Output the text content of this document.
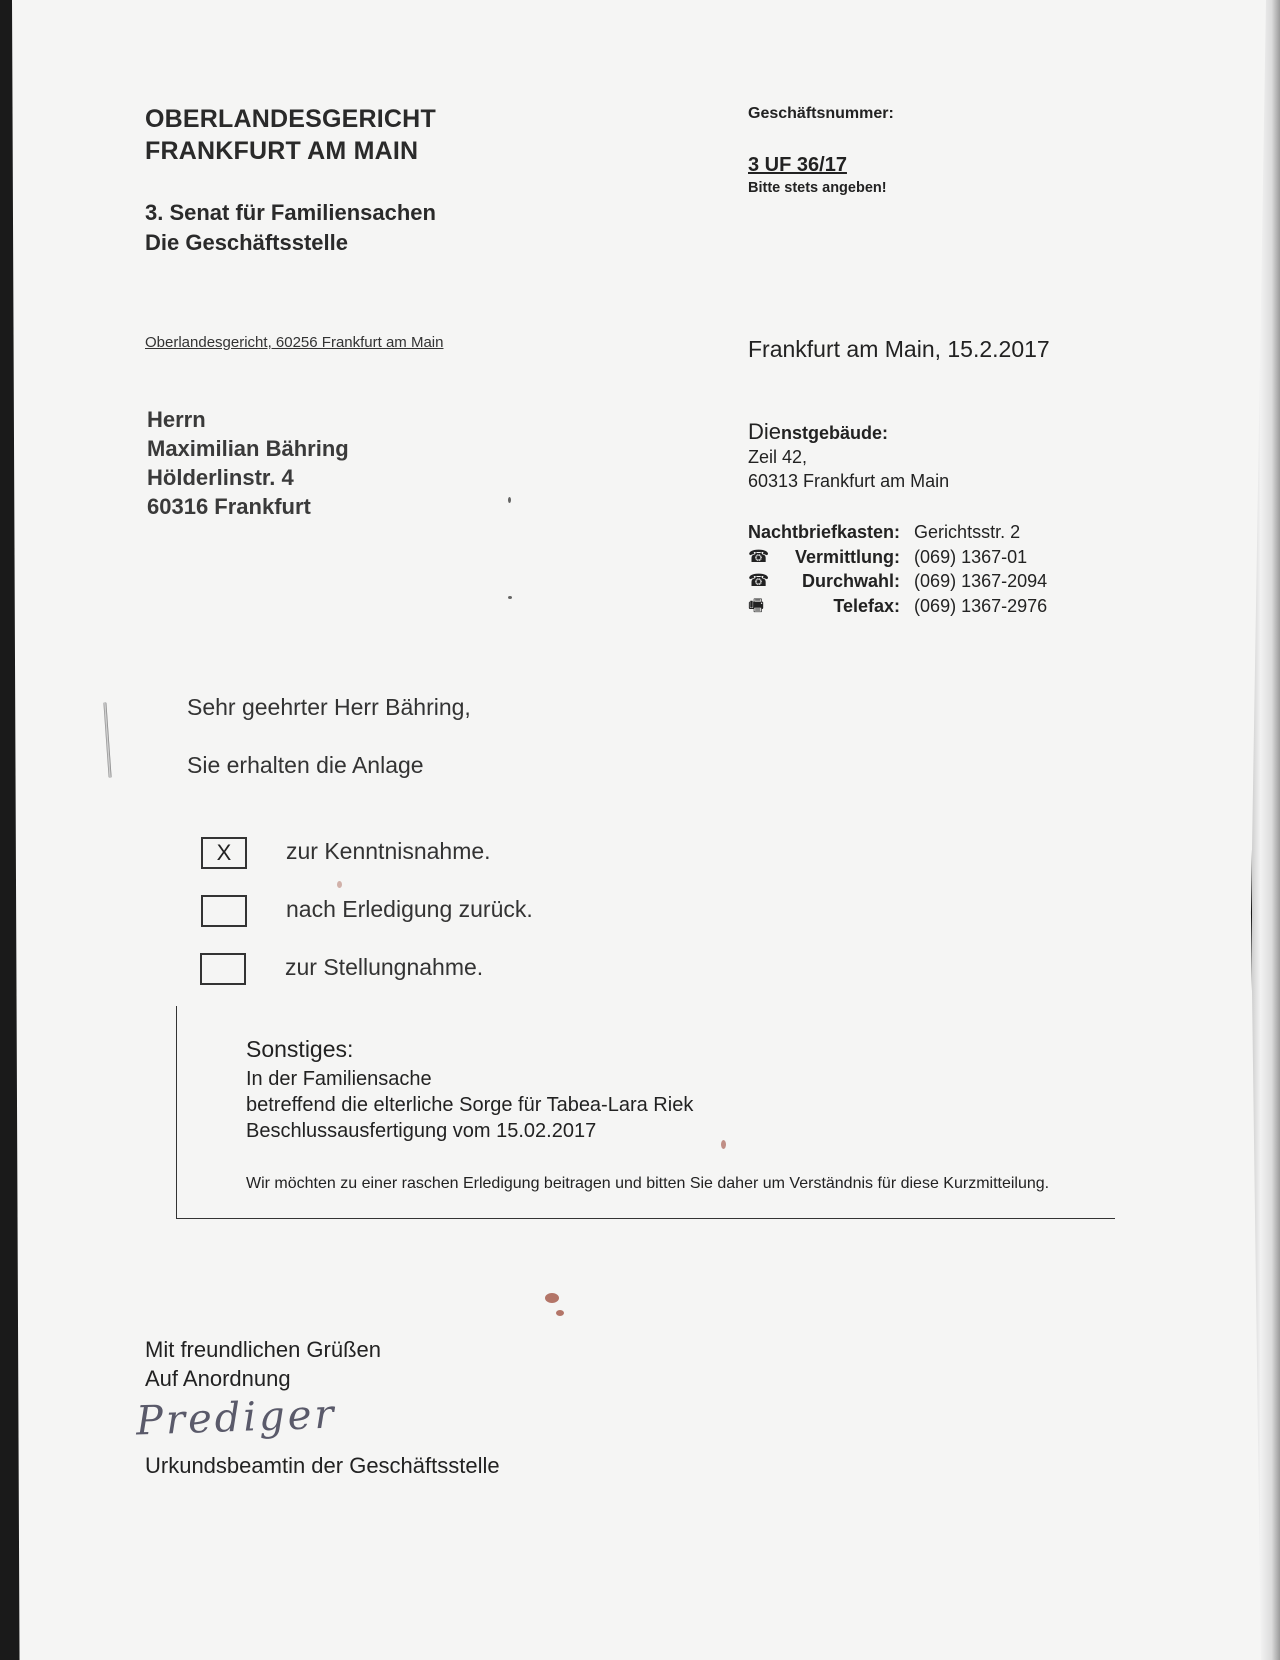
OBERLANDESGERICHT
FRANKFURT AM MAIN
3. Senat für Familiensachen
Die Geschäftsstelle
Geschäftsnummer:
3 UF 36/17
Bitte stets angeben!
Oberlandesgericht, 60256 Frankfurt am Main	Frankfurt am Main, 15.2.2017
Herrn
Maximilian Bähring
Hölderlinstr. 4
60316 Frankfurt
Dienstgebäude:
Zeil 42,
60313 Frankfurt am Main
Nachtbriefkasten:		Gerichtsstr. 2
☎	Vermittlung:	(069) 1367-01
☎	Durchwahl:	(069) 1367-2094
🖷	Telefax:	(069) 1367-2976
Sehr geehrter Herr Bähring,
Sie erhalten die Anlage
X	zur Kenntnisnahme.
nach Erledigung zurück.
zur Stellungnahme.
Sonstiges:
In der Familiensache
betreffend die elterliche Sorge für Tabea-Lara Riek
Beschlussausfertigung vom 15.02.2017
Wir möchten zu einer raschen Erledigung beitragen und bitten Sie daher um Verständnis für diese Kurzmitteilung.
Mit freundlichen Grüßen
Auf Anordnung
Prediger
Urkundsbeamtin der Geschäftsstelle
